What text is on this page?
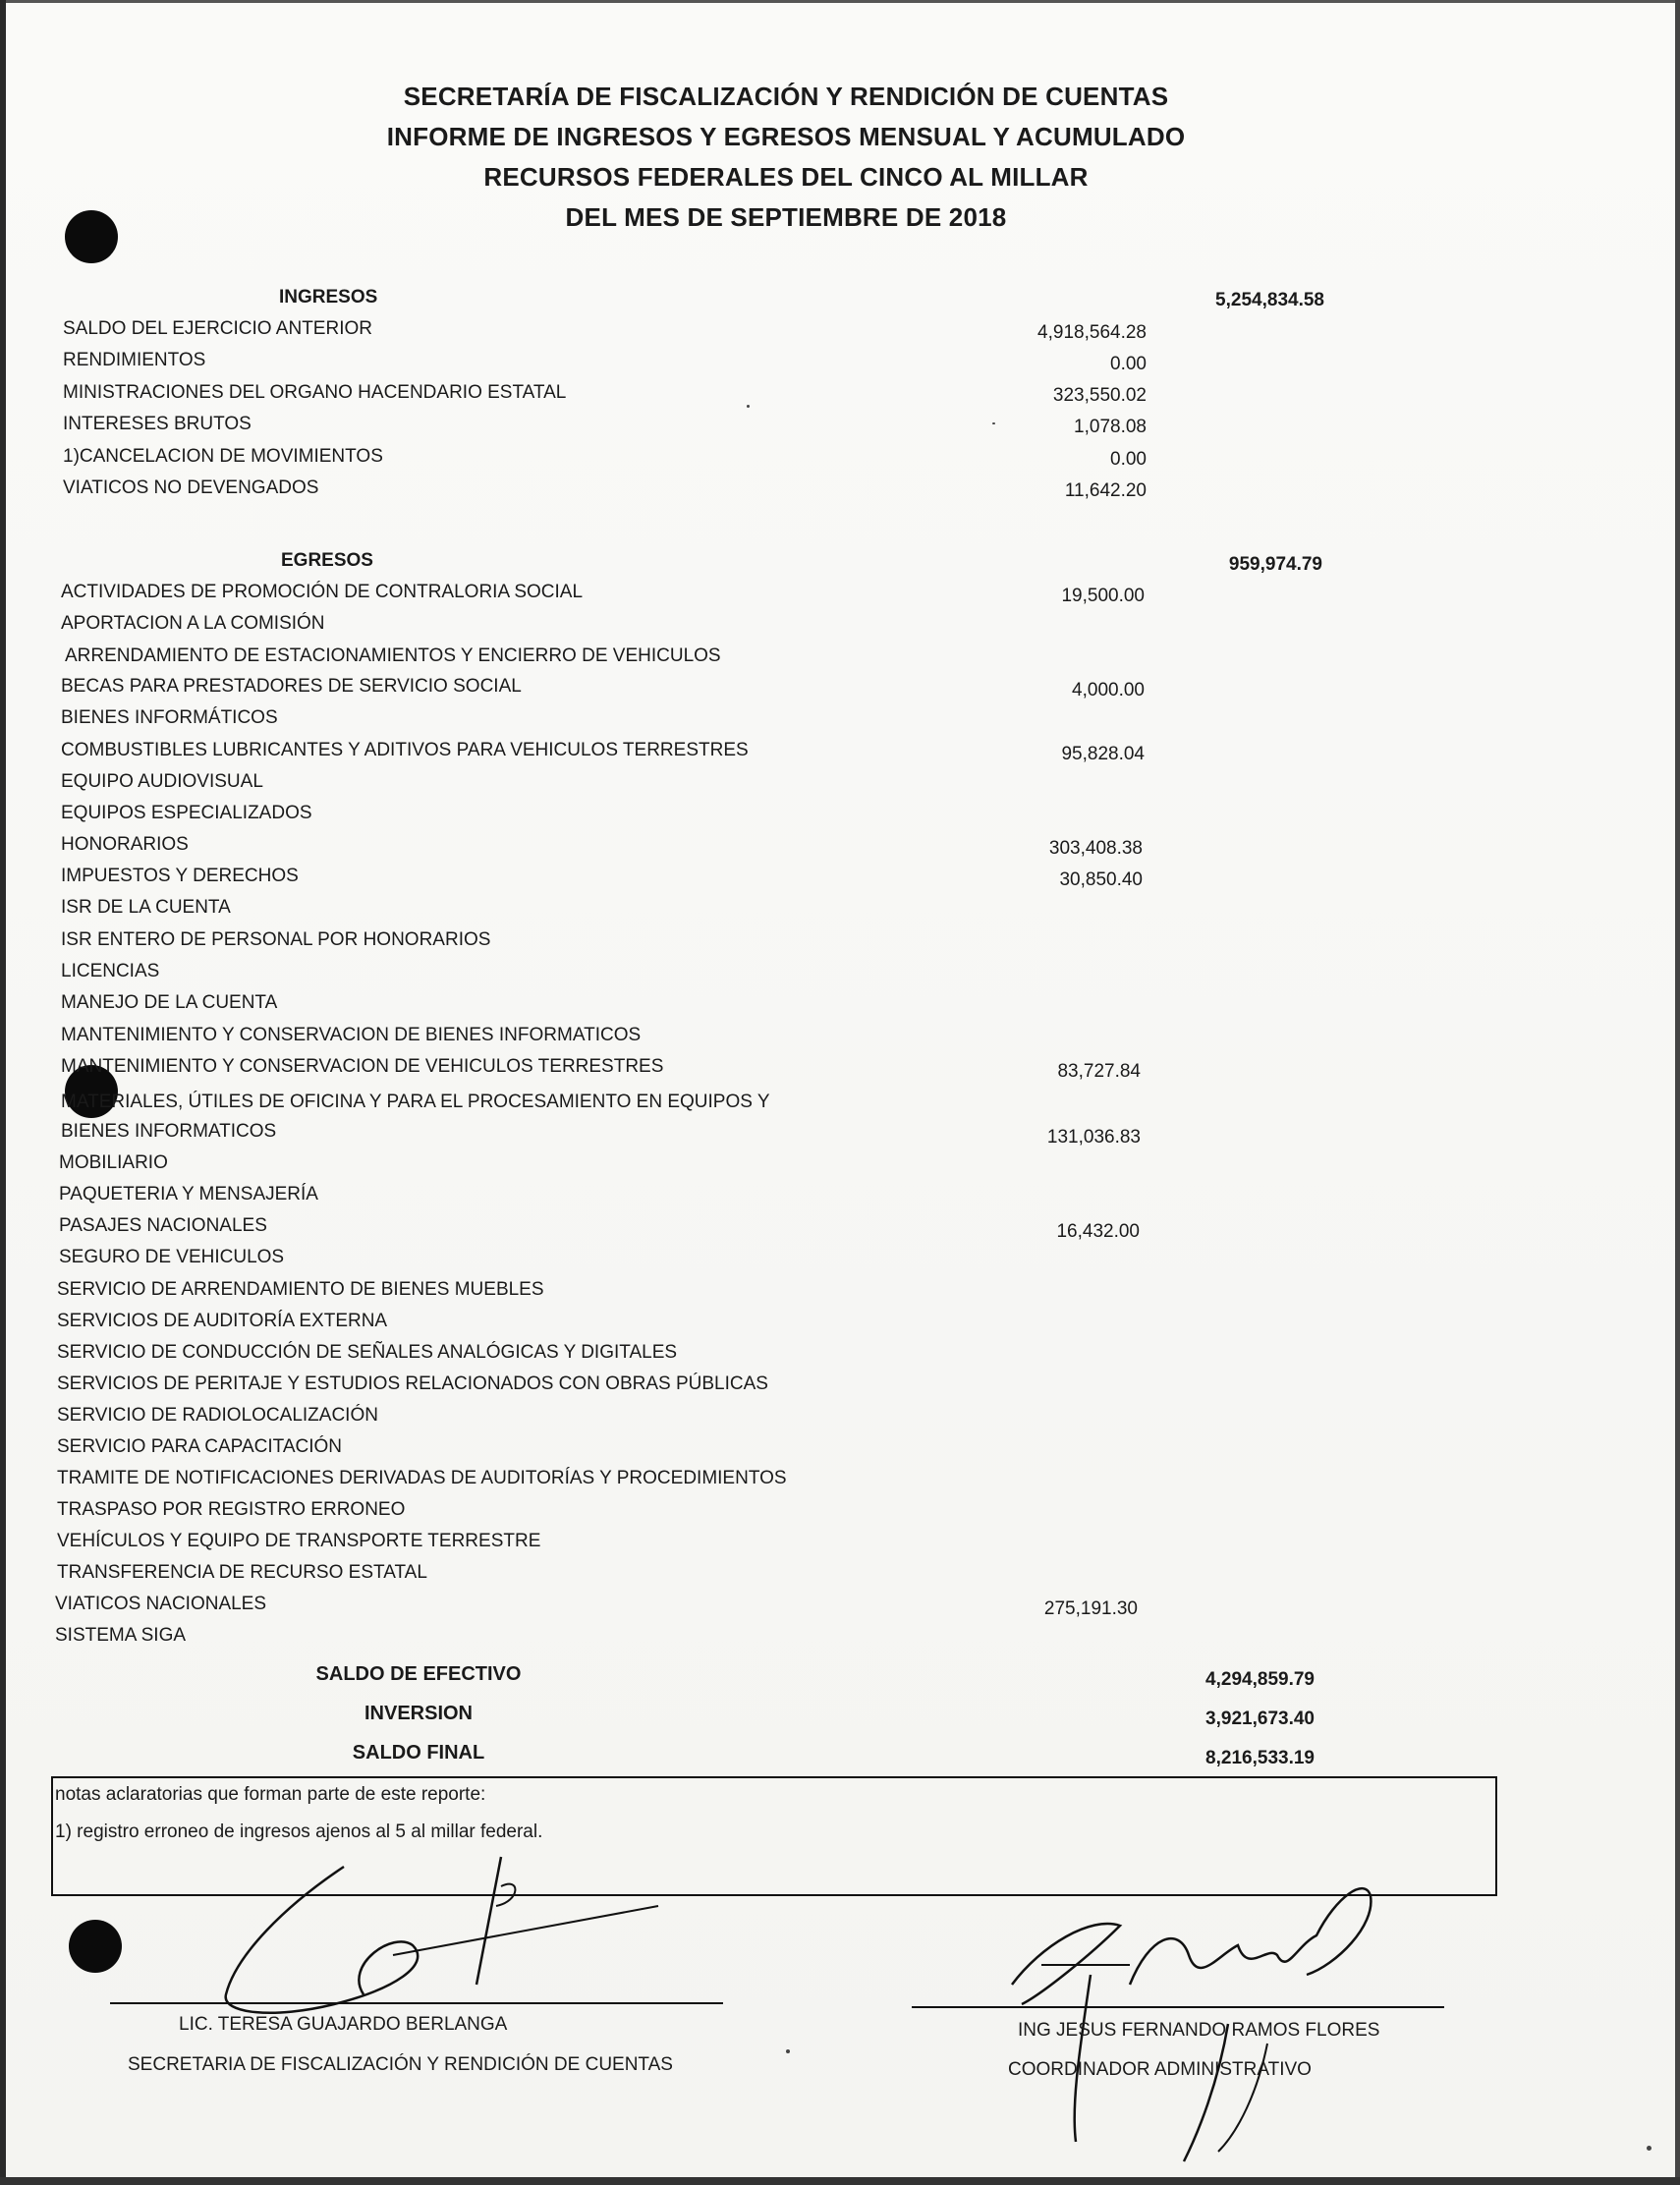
SECRETARÍA DE FISCALIZACIÓN Y RENDICIÓN DE CUENTAS
INFORME DE INGRESOS Y EGRESOS MENSUAL Y ACUMULADO
RECURSOS FEDERALES DEL CINCO AL MILLAR
DEL MES DE SEPTIEMBRE DE 2018
INGRESOS	5,254,834.58
SALDO DEL EJERCICIO ANTERIOR	4,918,564.28
RENDIMIENTOS	0.00
MINISTRACIONES DEL ORGANO HACENDARIO ESTATAL	323,550.02
INTERESES BRUTOS	1,078.08
1)CANCELACION DE MOVIMIENTOS	0.00
VIATICOS NO DEVENGADOS	11,642.20
EGRESOS	959,974.79
ACTIVIDADES DE PROMOCIÓN DE CONTRALORIA SOCIAL	19,500.00
APORTACION A LA COMISIÓN
ARRENDAMIENTO DE ESTACIONAMIENTOS Y ENCIERRO DE VEHICULOS
BECAS PARA PRESTADORES DE SERVICIO SOCIAL	4,000.00
BIENES INFORMÁTICOS
COMBUSTIBLES LUBRICANTES Y ADITIVOS PARA VEHICULOS TERRESTRES	95,828.04
EQUIPO AUDIOVISUAL
EQUIPOS ESPECIALIZADOS
HONORARIOS	303,408.38
IMPUESTOS Y DERECHOS	30,850.40
ISR DE LA CUENTA
ISR ENTERO DE PERSONAL POR HONORARIOS
LICENCIAS
MANEJO DE LA CUENTA
MANTENIMIENTO Y CONSERVACION DE BIENES INFORMATICOS
MANTENIMIENTO Y CONSERVACION DE VEHICULOS TERRESTRES	83,727.84
MATERIALES, ÚTILES DE OFICINA Y PARA EL PROCESAMIENTO EN EQUIPOS Y
BIENES INFORMATICOS	131,036.83
MOBILIARIO
PAQUETERIA Y MENSAJERÍA
PASAJES NACIONALES	16,432.00
SEGURO DE VEHICULOS
SERVICIO DE ARRENDAMIENTO DE BIENES MUEBLES
SERVICIOS DE AUDITORÍA EXTERNA
SERVICIO DE CONDUCCIÓN DE SEÑALES ANALÓGICAS Y DIGITALES
SERVICIOS DE PERITAJE Y ESTUDIOS RELACIONADOS CON OBRAS PÚBLICAS
SERVICIO DE RADIOLOCALIZACIÓN
SERVICIO PARA CAPACITACIÓN
TRAMITE DE NOTIFICACIONES DERIVADAS DE AUDITORÍAS Y PROCEDIMIENTOS
TRASPASO POR REGISTRO ERRONEO
VEHÍCULOS Y EQUIPO DE TRANSPORTE TERRESTRE
TRANSFERENCIA DE RECURSO ESTATAL
VIATICOS NACIONALES	275,191.30
SISTEMA SIGA
SALDO DE EFECTIVO	4,294,859.79
INVERSION	3,921,673.40
SALDO FINAL	8,216,533.19
notas aclaratorias que forman parte de este reporte:
1) registro erroneo de ingresos ajenos al 5 al millar federal.
LIC. TERESA GUAJARDO BERLANGA
SECRETARIA DE FISCALIZACIÓN Y RENDICIÓN DE CUENTAS
ING JESUS FERNANDO RAMOS FLORES
COORDINADOR ADMINISTRATIVO
